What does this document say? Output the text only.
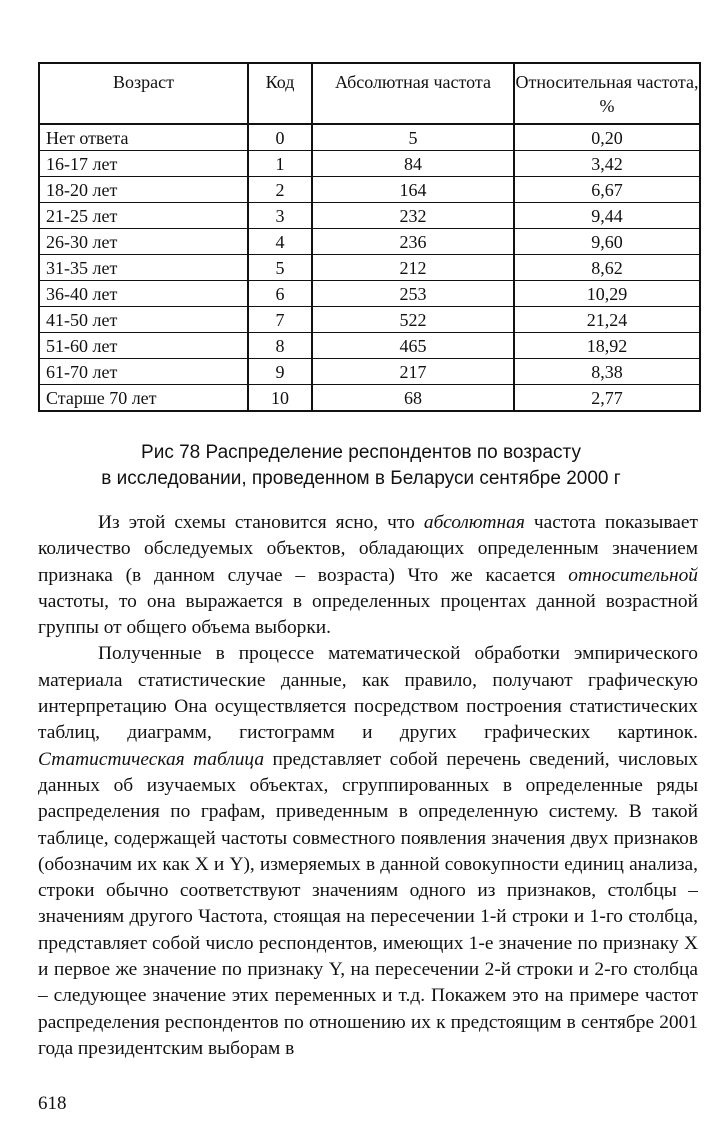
Возраст	Код	Абсолютная частота	Относительная частота, %
Нет ответа	0	5	0,20
16-17 лет	1	84	3,42
18-20 лет	2	164	6,67
21-25 лет	3	232	9,44
26-30 лет	4	236	9,60
31-35 лет	5	212	8,62
36-40 лет	6	253	10,29
41-50 лет	7	522	21,24
51-60 лет	8	465	18,92
61-70 лет	9	217	8,38
Старше 70 лет	10	68	2,77
Рис 78 Распределение респондентов по возрасту
в исследовании, проведенном в Беларуси сентябре 2000 г

Из этой схемы становится ясно, что абсолютная частота показывает количество обследуемых объектов, обладающих определенным значением признака (в данном случае – возраста) Что же касается относительной частоты, то она выражается в определенных процентах данной возрастной группы от общего объема выборки.

Полученные в процессе математической обработки эмпирического материала статистические данные, как правило, получают графическую интерпретацию Она осуществляется посредством построения статистических таблиц, диаграмм, гистограмм и других графических картинок. Статистическая таблица представляет собой перечень сведений, числовых данных об изучаемых объектах, сгруппированных в определенные ряды распределения по графам, приведенным в определенную систему. В такой таблице, содержащей частоты совместного появления значения двух признаков (обозначим их как X и Y), измеряемых в данной совокупности единиц анализа, строки обычно соответствуют значениям одного из признаков, столбцы – значениям другого Частота, стоящая на пересечении 1-й строки и 1-го столбца, представляет собой число респондентов, имеющих 1-е значение по признаку X и первое же значение по признаку Y, на пересечении 2-й строки и 2-го столбца – следующее значение этих переменных и т.д. Покажем это на примере частот распределения респондентов по отношению их к предстоящим в сентябре 2001 года президентским выборам в

618
